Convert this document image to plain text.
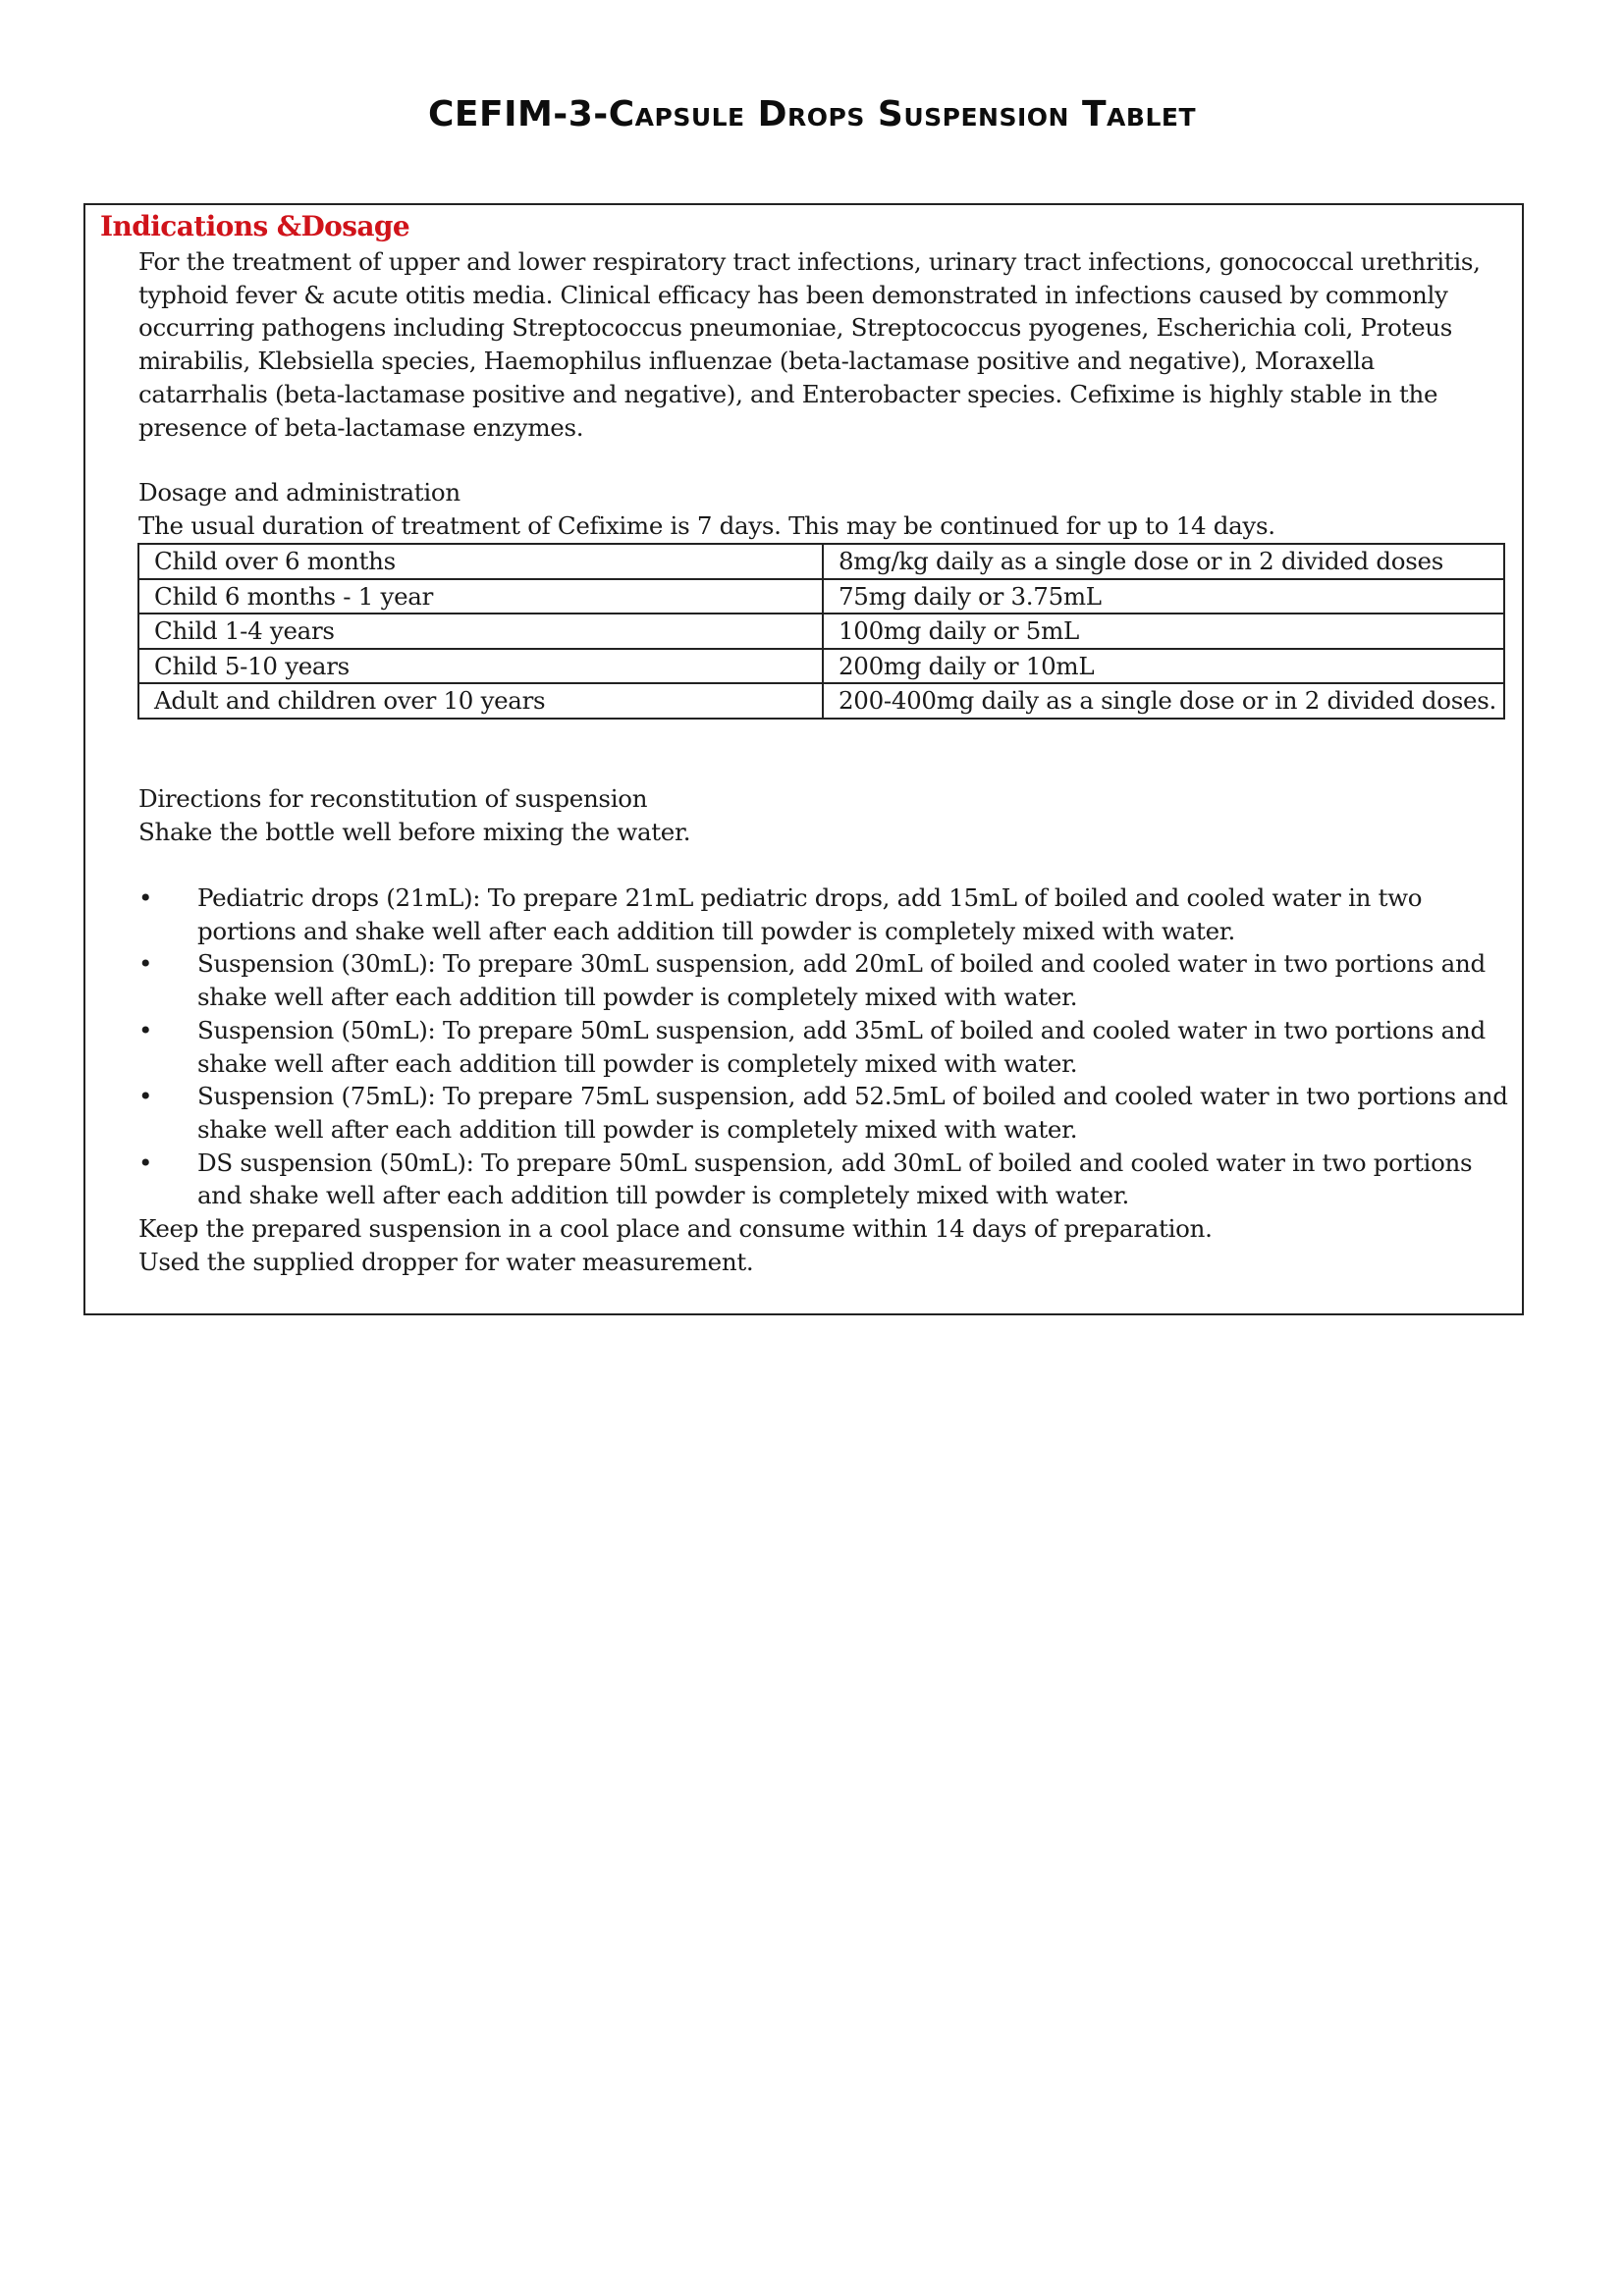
CEFIM-3-Capsule Drops Suspension Tablet
Indications &Dosage

For the treatment of upper and lower respiratory tract infections, urinary tract infections, gonococcal urethritis, typhoid fever & acute otitis media. Clinical efficacy has been demonstrated in infections caused by commonly occurring pathogens including Streptococcus pneumoniae, Streptococcus pyogenes, Escherichia coli, Proteus mirabilis, Klebsiella species, Haemophilus influenzae (beta-lactamase positive and negative), Moraxella catarrhalis (beta-lactamase positive and negative), and Enterobacter species. Cefixime is highly stable in the presence of beta-lactamase enzymes.

Dosage and administration
The usual duration of treatment of Cefixime is 7 days. This may be continued for up to 14 days.
Child over 6 months	8mg/kg daily as a single dose or in 2 divided doses
Child 6 months - 1 year	75mg daily or 3.75mL
Child 1-4 years	100mg daily or 5mL
Child 5-10 years	200mg daily or 10mL
Adult and children over 10 years	200-400mg daily as a single dose or in 2 divided doses.
Directions for reconstitution of suspension
Shake the bottle well before mixing the water.
• Pediatric drops (21mL): To prepare 21mL pediatric drops, add 15mL of boiled and cooled water in two portions and shake well after each addition till powder is completely mixed with water.
• Suspension (30mL): To prepare 30mL suspension, add 20mL of boiled and cooled water in two portions and shake well after each addition till powder is completely mixed with water.
• Suspension (50mL): To prepare 50mL suspension, add 35mL of boiled and cooled water in two portions and shake well after each addition till powder is completely mixed with water.
• Suspension (75mL): To prepare 75mL suspension, add 52.5mL of boiled and cooled water in two portions and shake well after each addition till powder is completely mixed with water.
• DS suspension (50mL): To prepare 50mL suspension, add 30mL of boiled and cooled water in two portions and shake well after each addition till powder is completely mixed with water.
Keep the prepared suspension in a cool place and consume within 14 days of preparation.
Used the supplied dropper for water measurement.
